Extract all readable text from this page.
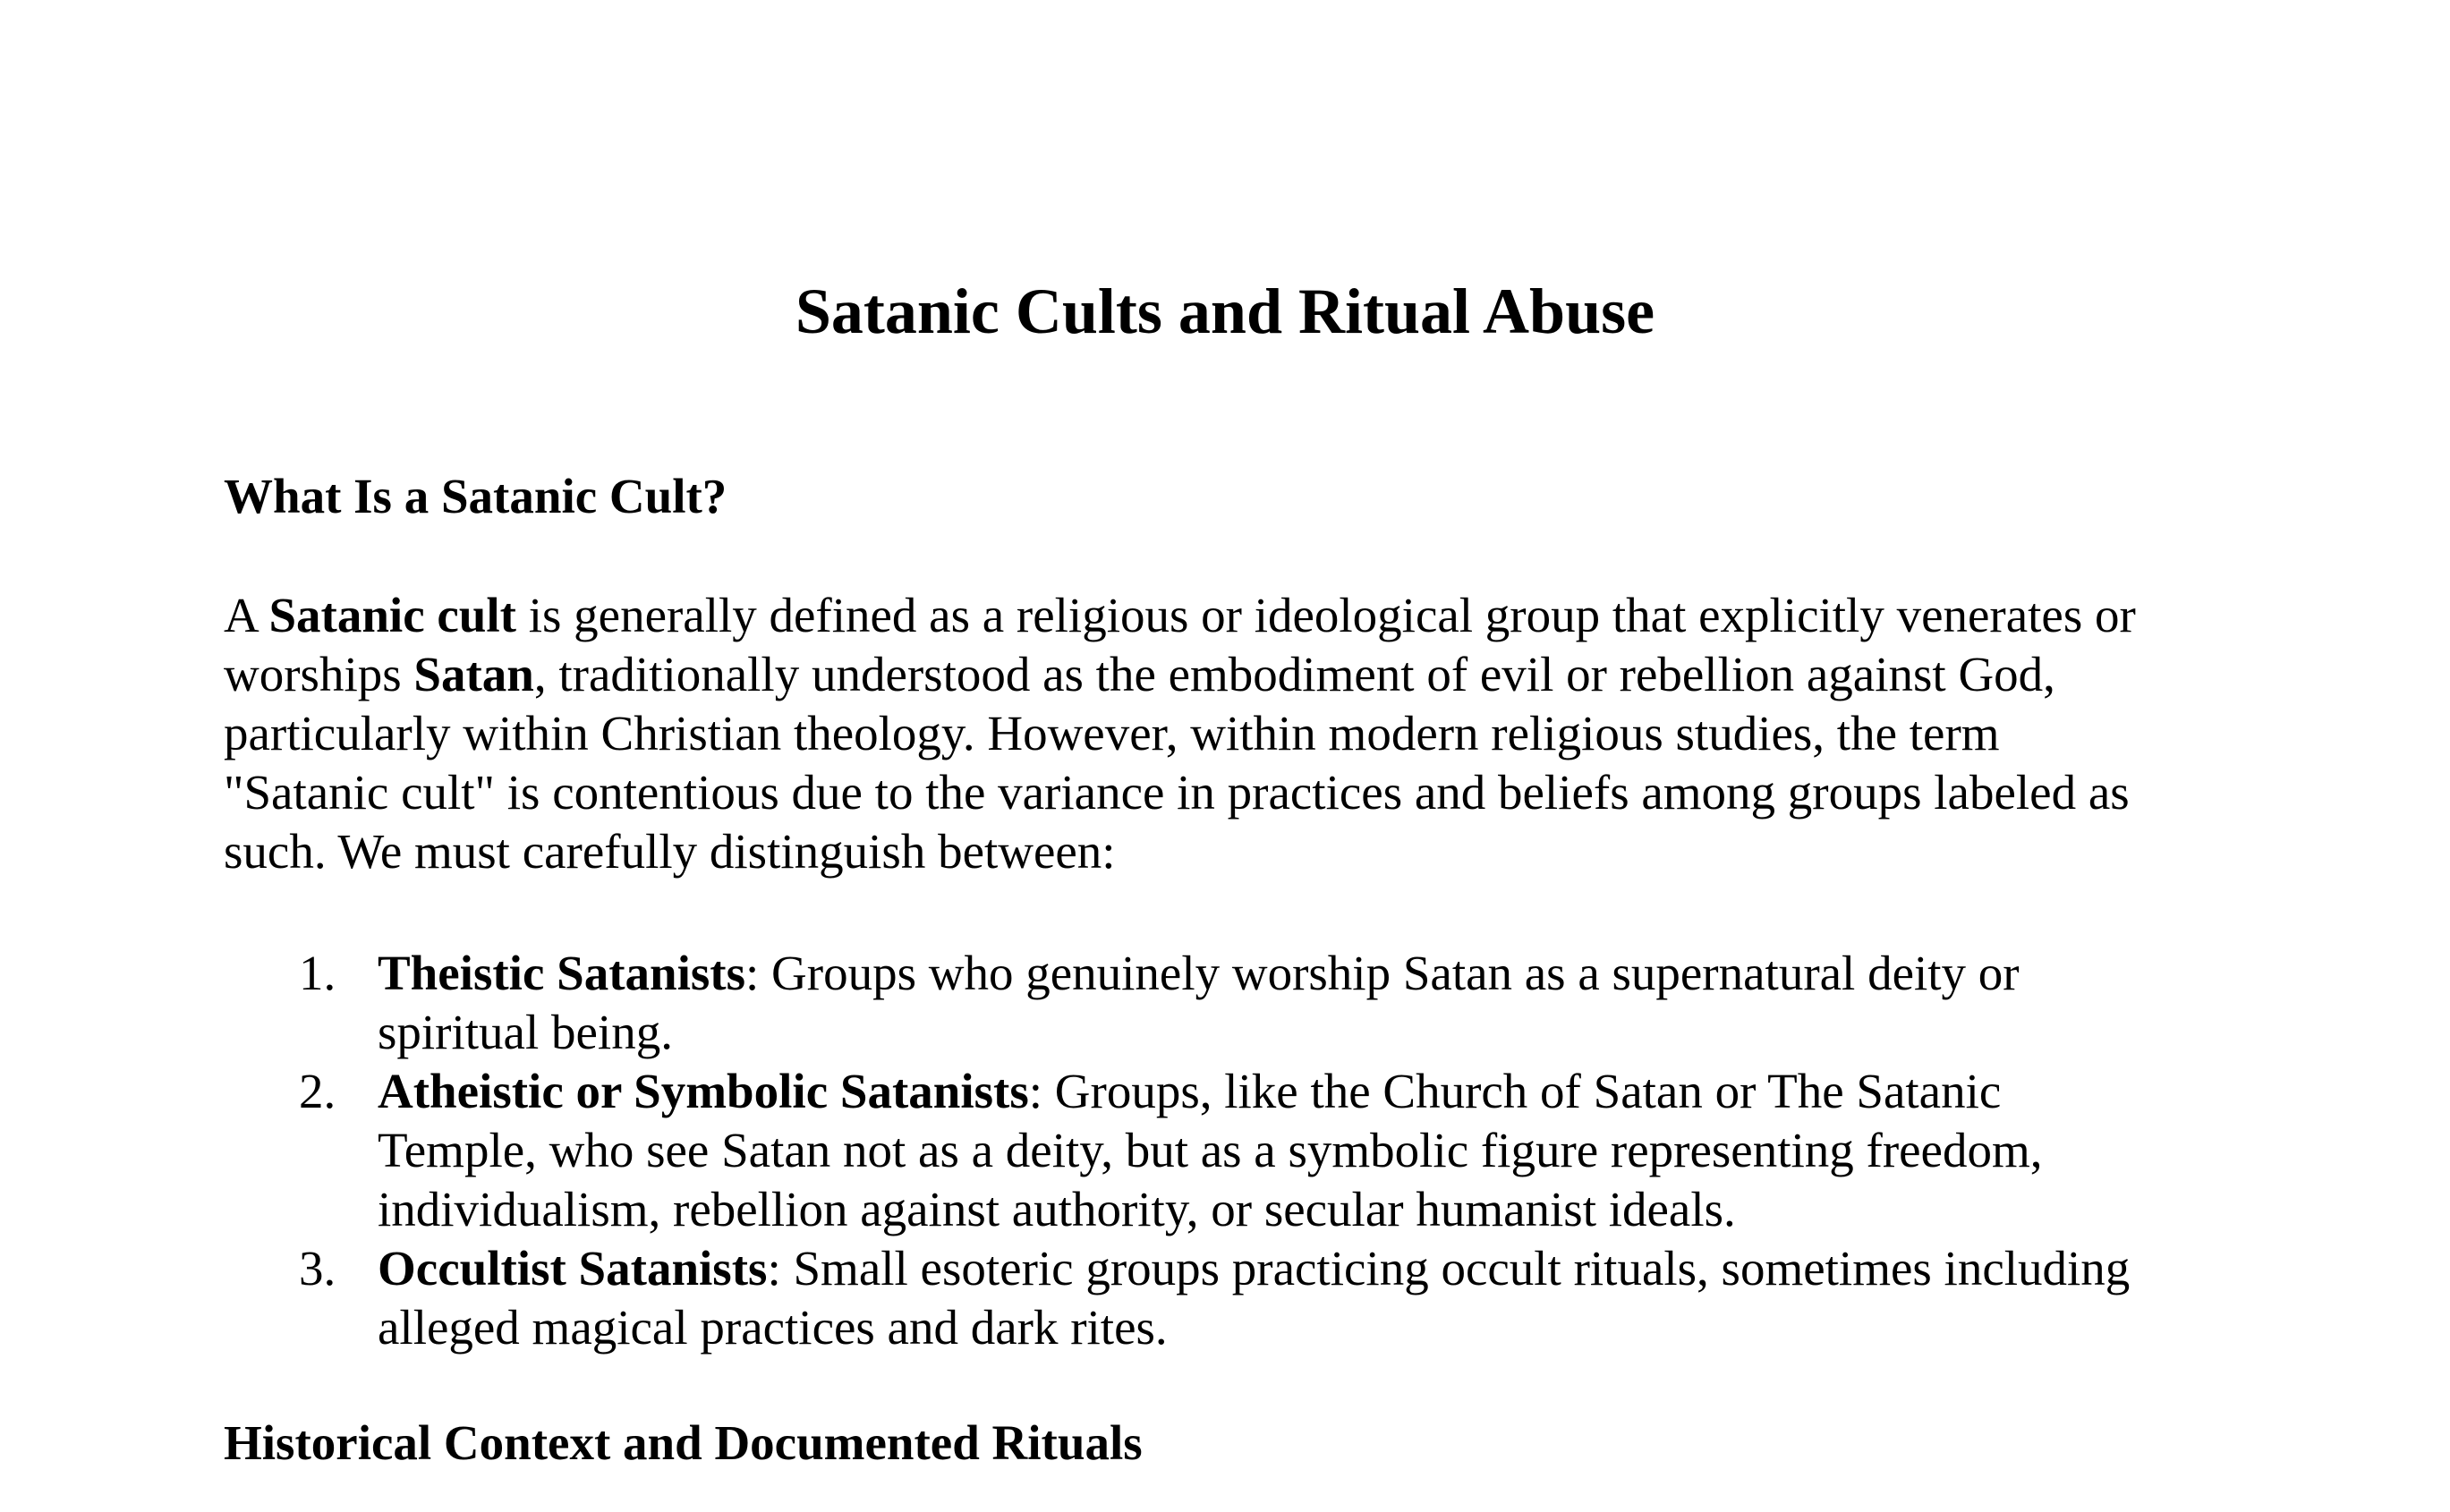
Satanic Cults and Ritual Abuse
What Is a Satanic Cult?

A Satanic cult is generally defined as a religious or ideological group that explicitly venerates or
worships Satan, traditionally understood as the embodiment of evil or rebellion against God,
particularly within Christian theology. However, within modern religious studies, the term
"Satanic cult" is contentious due to the variance in practices and beliefs among groups labeled as
such. We must carefully distinguish between:

1. Theistic Satanists: Groups who genuinely worship Satan as a supernatural deity or
spiritual being.
2. Atheistic or Symbolic Satanists: Groups, like the Church of Satan or The Satanic
Temple, who see Satan not as a deity, but as a symbolic figure representing freedom,
individualism, rebellion against authority, or secular humanist ideals.
3. Occultist Satanists: Small esoteric groups practicing occult rituals, sometimes including
alleged magical practices and dark rites.
Historical Context and Documented Rituals
